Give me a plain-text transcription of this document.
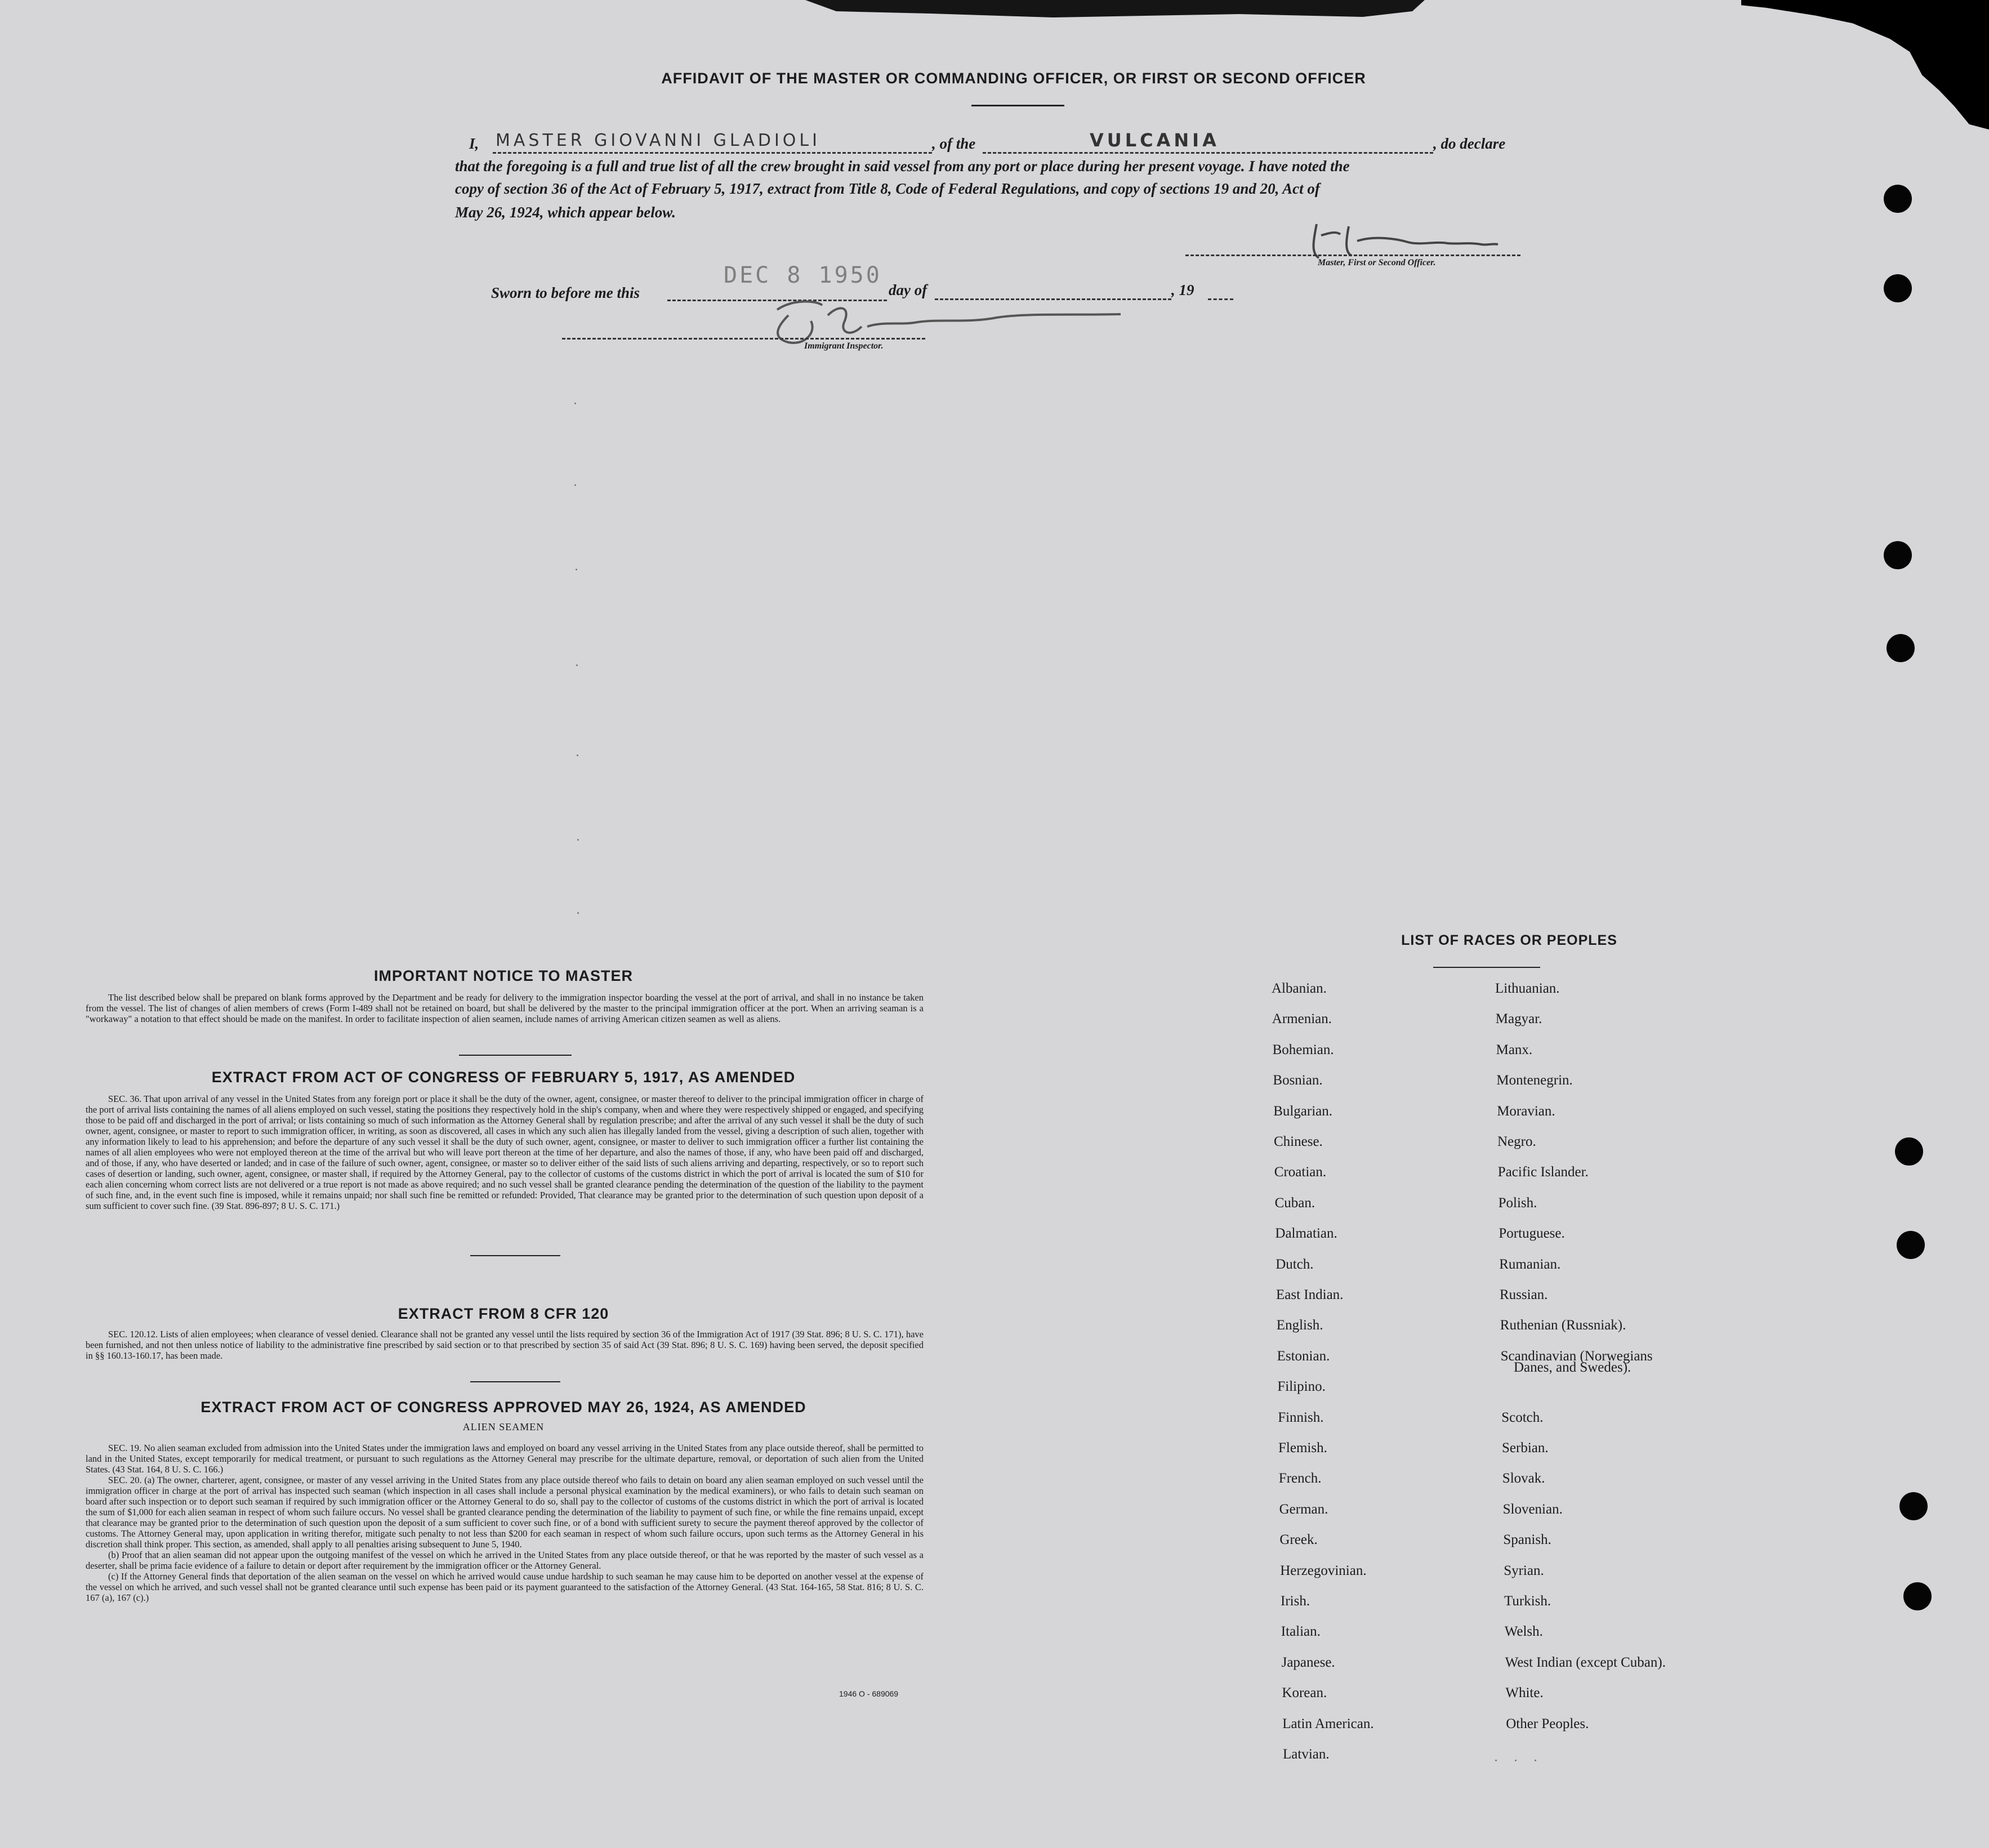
AFFIDAVIT OF THE MASTER OR COMMANDING OFFICER, OR FIRST OR SECOND OFFICER
I, MASTER GIOVANNI GLADIOLI	, of the	VULCANIA	, do declare
that the foregoing is a full and true list of all the crew brought in said vessel from any port or place during her present voyage. I have noted the
copy of section 36 of the Act of February 5, 1917, extract from Title 8, Code of Federal Regulations, and copy of sections 19 and 20, Act of
May 26, 1924, which appear below.
Master, First or Second Officer.
Sworn to before me this
DEC 8 1950
day of	, 19
Immigrant Inspector.
IMPORTANT NOTICE TO MASTER

The list described below shall be prepared on blank forms approved by the Department and be ready for delivery to the immigration inspector boarding the vessel at the port of arrival, and shall in no instance be taken from the vessel. The list of changes of alien members of crews (Form I-489 shall not be retained on board, but shall be delivered by the master to the principal immigration officer at the port. When an arriving seaman is a "workaway" a notation to that effect should be made on the manifest. In order to facilitate inspection of alien seamen, include names of arriving American citizen seamen as well as aliens.

EXTRACT FROM ACT OF CONGRESS OF FEBRUARY 5, 1917, AS AMENDED

SEC. 36. That upon arrival of any vessel in the United States from any foreign port or place it shall be the duty of the owner, agent, consignee, or master thereof to deliver to the principal immigration officer in charge of the port of arrival lists containing the names of all aliens employed on such vessel, stating the positions they respectively hold in the ship's company, when and where they were respectively shipped or engaged, and specifying those to be paid off and discharged in the port of arrival; or lists containing so much of such information as the Attorney General shall by regulation prescribe; and after the arrival of any such vessel it shall be the duty of such owner, agent, consignee, or master to report to such immigration officer, in writing, as soon as discovered, all cases in which any such alien has illegally landed from the vessel, giving a description of such alien, together with any information likely to lead to his apprehension; and before the departure of any such vessel it shall be the duty of such owner, agent, consignee, or master to deliver to such immigration officer a further list containing the names of all alien employees who were not employed thereon at the time of the arrival but who will leave port thereon at the time of her departure, and also the names of those, if any, who have been paid off and discharged, and of those, if any, who have deserted or landed; and in case of the failure of such owner, agent, consignee, or master so to deliver either of the said lists of such aliens arriving and departing, respectively, or so to report such cases of desertion or landing, such owner, agent, consignee, or master shall, if required by the Attorney General, pay to the collector of customs of the customs district in which the port of arrival is located the sum of $10 for each alien concerning whom correct lists are not delivered or a true report is not made as above required; and no such vessel shall be granted clearance pending the determination of the question of the liability to the payment of such fine, and, in the event such fine is imposed, while it remains unpaid; nor shall such fine be remitted or refunded: Provided, That clearance may be granted prior to the determination of such question upon deposit of a sum sufficient to cover such fine. (39 Stat. 896-897; 8 U. S. C. 171.)

EXTRACT FROM 8 CFR 120

SEC. 120.12. Lists of alien employees; when clearance of vessel denied. Clearance shall not be granted any vessel until the lists required by section 36 of the Immigration Act of 1917 (39 Stat. 896; 8 U. S. C. 171), have been furnished, and not then unless notice of liability to the administrative fine prescribed by said section or to that prescribed by section 35 of said Act (39 Stat. 896; 8 U. S. C. 169) having been served, the deposit specified in §§ 160.13-160.17, has been made.

EXTRACT FROM ACT OF CONGRESS APPROVED MAY 26, 1924, AS AMENDED
ALIEN SEAMEN

SEC. 19. No alien seaman excluded from admission into the United States under the immigration laws and employed on board any vessel arriving in the United States from any place outside thereof, shall be permitted to land in the United States, except temporarily for medical treatment, or pursuant to such regulations as the Attorney General may prescribe for the ultimate departure, removal, or deportation of such alien from the United States. (43 Stat. 164, 8 U. S. C. 166.)
SEC. 20. (a) The owner, charterer, agent, consignee, or master of any vessel arriving in the United States from any place outside thereof who fails to detain on board any alien seaman employed on such vessel until the immigration officer in charge at the port of arrival has inspected such seaman (which inspection in all cases shall include a personal physical examination by the medical examiners), or who fails to detain such seaman on board after such inspection or to deport such seaman if required by such immigration officer or the Attorney General to do so, shall pay to the collector of customs of the customs district in which the port of arrival is located the sum of $1,000 for each alien seaman in respect of whom such failure occurs. No vessel shall be granted clearance pending the determination of the liability to payment of such fine, or while the fine remains unpaid, except that clearance may be granted prior to the determination of such question upon the deposit of a sum sufficient to cover such fine, or of a bond with sufficient surety to secure the payment thereof approved by the collector of customs. The Attorney General may, upon application in writing therefor, mitigate such penalty to not less than $200 for each seaman in respect of whom such failure occurs, upon such terms as the Attorney General in his discretion shall think proper. This section, as amended, shall apply to all penalties arising subsequent to June 5, 1940.
(b) Proof that an alien seaman did not appear upon the outgoing manifest of the vessel on which he arrived in the United States from any place outside thereof, or that he was reported by the master of such vessel as a deserter, shall be prima facie evidence of a failure to detain or deport after requirement by the immigration officer or the Attorney General.
(c) If the Attorney General finds that deportation of the alien seaman on the vessel on which he arrived would cause undue hardship to such seaman he may cause him to be deported on another vessel at the expense of the vessel on which he arrived, and such vessel shall not be granted clearance until such expense has been paid or its payment guaranteed to the satisfaction of the Attorney General. (43 Stat. 164-165, 58 Stat. 816; 8 U. S. C. 167 (a), 167 (c).)

1946 O - 689069
LIST OF RACES OR PEOPLES
Danes, and Swedes).
Albanian.
Armenian.
Bohemian.
Bosnian.
Bulgarian.
Chinese.
Croatian.
Cuban.
Dalmatian.
Dutch.
East Indian.
English.
Estonian.
Filipino.
Finnish.
Flemish.
French.
German.
Greek.
Herzegovinian.
Irish.
Italian.
Japanese.
Korean.
Latin American.
Latvian.
Lithuanian.
Magyar.
Manx.
Montenegrin.
Moravian.
Negro.
Pacific Islander.
Polish.
Portuguese.
Rumanian.
Russian.
Ruthenian (Russniak).
Scandinavian (Norwegians
Scotch.
Serbian.
Slovak.
Slovenian.
Spanish.
Syrian.
Turkish.
Welsh.
West Indian (except Cuban).
White.
Other Peoples.
